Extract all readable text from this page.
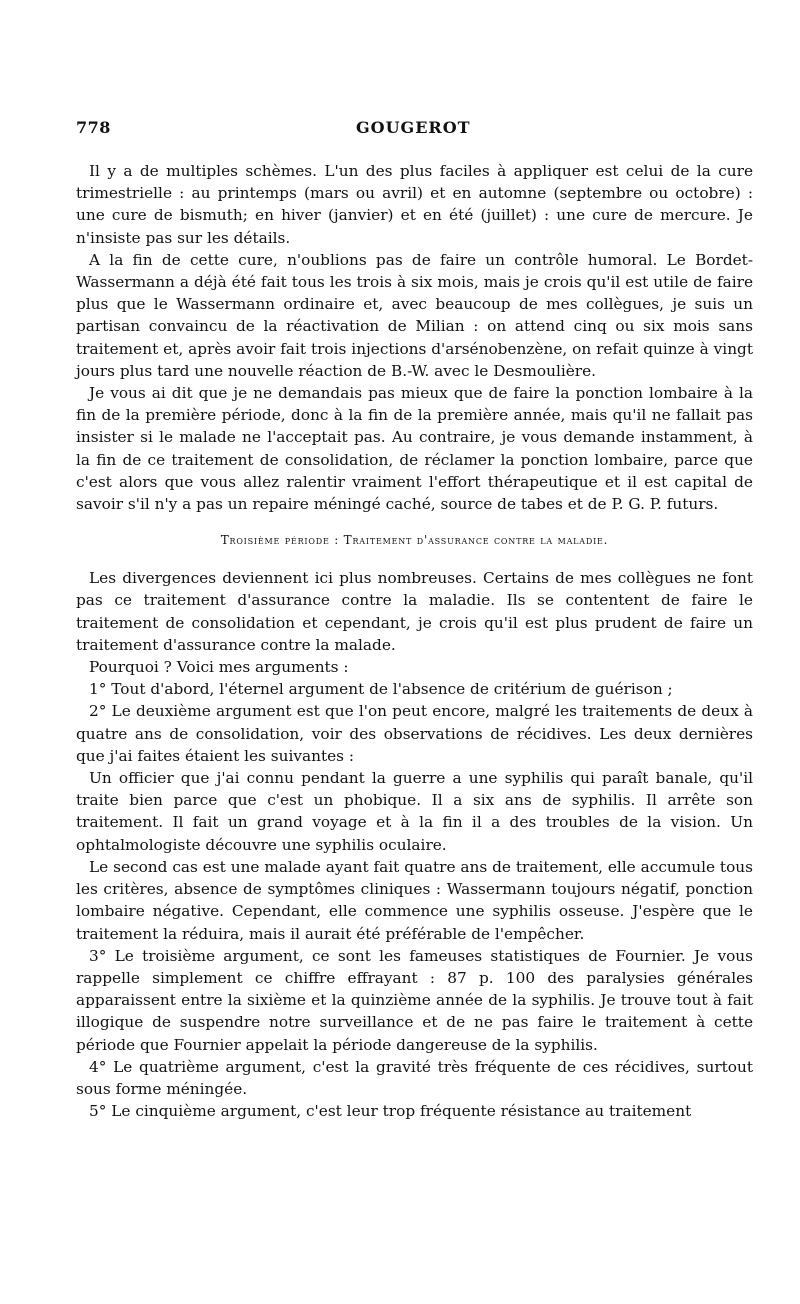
778	GOUGEROT

Il y a de multiples schèmes. L'un des plus faciles à appliquer est celui de la cure trimestrielle : au printemps (mars ou avril) et en automne (septembre ou octobre) : une cure de bismuth; en hiver (janvier) et en été (juillet) : une cure de mercure. Je n'insiste pas sur les détails.

A la fin de cette cure, n'oublions pas de faire un contrôle humoral. Le Bordet-Wassermann a déjà été fait tous les trois à six mois, mais je crois qu'il est utile de faire plus que le Wassermann ordinaire et, avec beaucoup de mes collègues, je suis un partisan convaincu de la réactivation de Milian : on attend cinq ou six mois sans traitement et, après avoir fait trois injections d'arsénobenzène, on refait quinze à vingt jours plus tard une nouvelle réaction de B.-W. avec le Desmoulière.

Je vous ai dit que je ne demandais pas mieux que de faire la ponction lombaire à la fin de la première période, donc à la fin de la première année, mais qu'il ne fallait pas insister si le malade ne l'acceptait pas. Au contraire, je vous demande instamment, à la fin de ce traitement de consolidation, de réclamer la ponction lombaire, parce que c'est alors que vous allez ralentir vraiment l'effort thérapeutique et il est capital de savoir s'il n'y a pas un repaire méningé caché, source de tabes et de P. G. P. futurs.

Troisième période : Traitement d'assurance contre la maladie.

Les divergences deviennent ici plus nombreuses. Certains de mes collègues ne font pas ce traitement d'assurance contre la maladie. Ils se contentent de faire le traitement de consolidation et cependant, je crois qu'il est plus prudent de faire un traitement d'assurance contre la malade.

Pourquoi ? Voici mes arguments :

1° Tout d'abord, l'éternel argument de l'absence de critérium de guérison ;

2° Le deuxième argument est que l'on peut encore, malgré les traitements de deux à quatre ans de consolidation, voir des observations de récidives. Les deux dernières que j'ai faites étaient les suivantes :

Un officier que j'ai connu pendant la guerre a une syphilis qui paraît banale, qu'il traite bien parce que c'est un phobique. Il a six ans de syphilis. Il arrête son traitement. Il fait un grand voyage et à la fin il a des troubles de la vision. Un ophtalmologiste découvre une syphilis oculaire.

Le second cas est une malade ayant fait quatre ans de traitement, elle accumule tous les critères, absence de symptômes cliniques : Wassermann toujours négatif, ponction lombaire négative. Cependant, elle commence une syphilis osseuse. J'espère que le traitement la réduira, mais il aurait été préférable de l'empêcher.

3° Le troisième argument, ce sont les fameuses statistiques de Fournier. Je vous rappelle simplement ce chiffre effrayant : 87 p. 100 des paralysies générales apparaissent entre la sixième et la quinzième année de la syphilis. Je trouve tout à fait illogique de suspendre notre surveillance et de ne pas faire le traitement à cette période que Fournier appelait la période dangereuse de la syphilis.

4° Le quatrième argument, c'est la gravité très fréquente de ces récidives, surtout sous forme méningée.

5° Le cinquième argument, c'est leur trop fréquente résistance au traitement
